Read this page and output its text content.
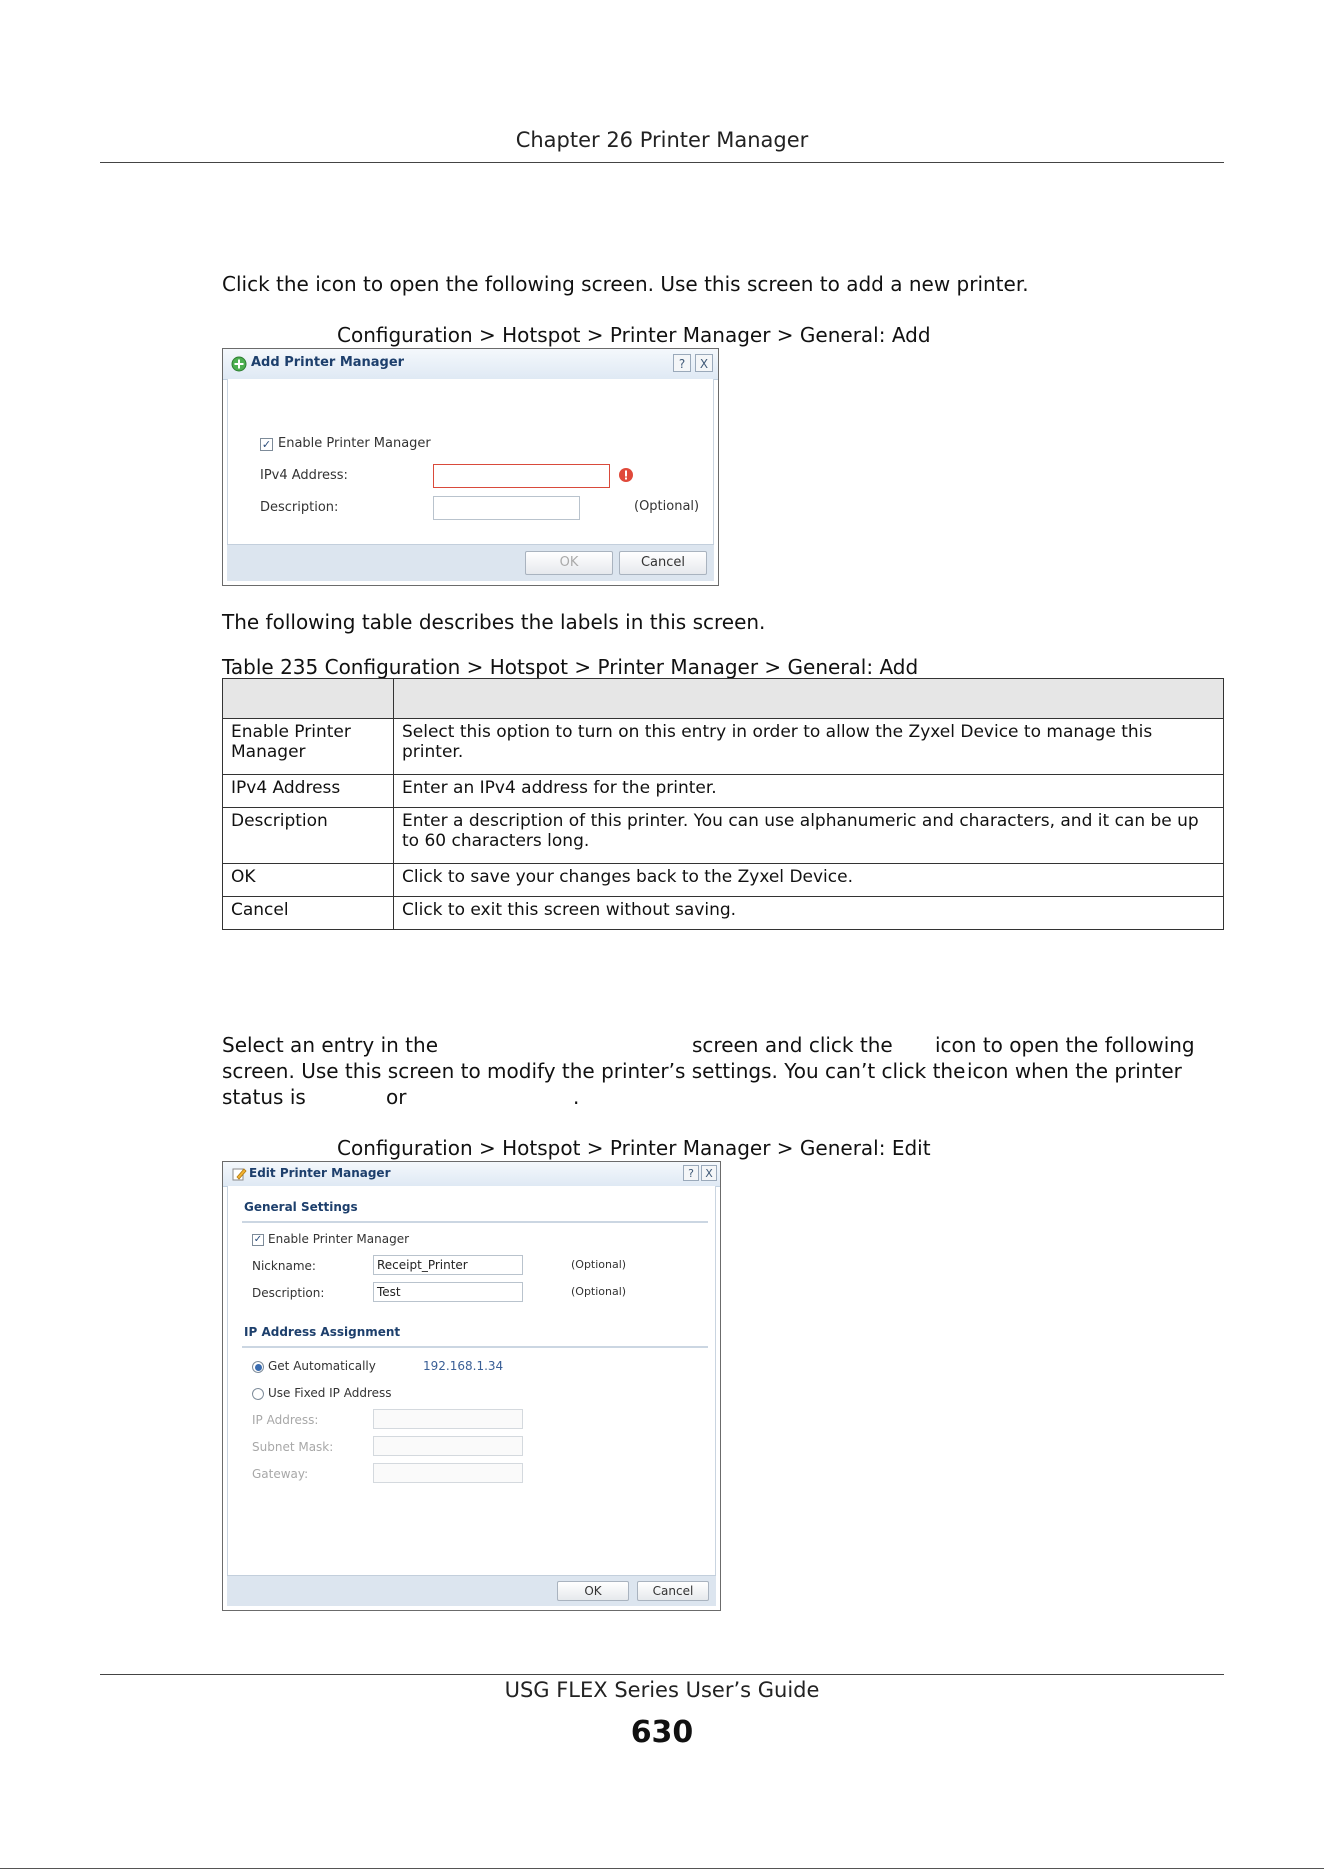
Chapter 26 Printer Manager
Click the icon to open the following screen. Use this screen to add a new printer.
Configuration > Hotspot > Printer Manager > General: Add
Add Printer Manager	?	X
✓ Enable Printer Manager
IPv4 Address:
Description:	(Optional)
OK	Cancel
The following table describes the labels in this screen.
Table 235 Configuration > Hotspot > Printer Manager > General: Add

Enable Printer Manager	Select this option to turn on this entry in order to allow the Zyxel Device to manage this printer.
IPv4 Address	Enter an IPv4 address for the printer.
Description	Enter a description of this printer. You can use alphanumeric and characters, and it can be up to 60 characters long.
OK	Click to save your changes back to the Zyxel Device.
Cancel	Click to exit this screen without saving.
Select an entry in the	screen and click the icon to open the following
screen. Use this screen to modify the printer’s settings. You can’t click the icon when the printer
status is	or	.
Configuration > Hotspot > Printer Manager > General: Edit
Edit Printer Manager	?	X
General Settings
✓ Enable Printer Manager
Nickname:	Receipt_Printer	(Optional)
Description:	Test	(Optional)
IP Address Assignment
Get Automatically	192.168.1.34
Use Fixed IP Address
IP Address:
Subnet Mask:
Gateway:
OK	Cancel
USG FLEX Series User’s Guide
630
